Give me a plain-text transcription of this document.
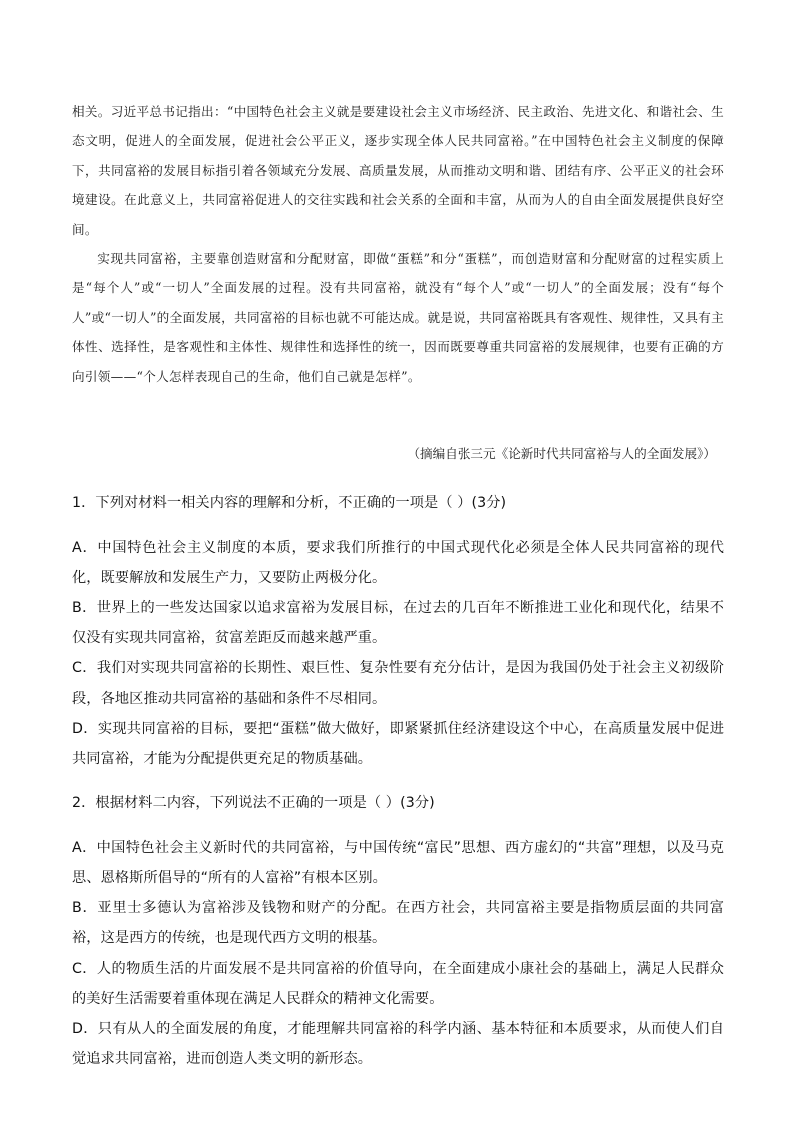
相关。习近平总书记指出：“中国特色社会主义就是要建设社会主义市场经济、民主政治、先进文化、和谐社会、生态文明，促进人的全面发展，促进社会公平正义，逐步实现全体人民共同富裕。”在中国特色社会主义制度的保障下，共同富裕的发展目标指引着各领域充分发展、高质量发展，从而推动文明和谐、团结有序、公平正义的社会环境建设。在此意义上，共同富裕促进人的交往实践和社会关系的全面和丰富，从而为人的自由全面发展提供良好空间。

实现共同富裕，主要靠创造财富和分配财富，即做“蛋糕”和分“蛋糕”，而创造财富和分配财富的过程实质上是“每个人”或“一切人”全面发展的过程。没有共同富裕，就没有“每个人”或“一切人”的全面发展；没有“每个人”或“一切人”的全面发展，共同富裕的目标也就不可能达成。就是说，共同富裕既具有客观性、规律性，又具有主体性、选择性，是客观性和主体性、规律性和选择性的统一，因而既要尊重共同富裕的发展规律，也要有正确的方向引领——“个人怎样表现自己的生命，他们自己就是怎样”。

（摘编自张三元《论新时代共同富裕与人的全面发展》）

1．下列对材料一相关内容的理解和分析，不正确的一项是（ ）(3分)

A．中国特色社会主义制度的本质，要求我们所推行的中国式现代化必须是全体人民共同富裕的现代化，既要解放和发展生产力，又要防止两极分化。

B．世界上的一些发达国家以追求富裕为发展目标，在过去的几百年不断推进工业化和现代化，结果不仅没有实现共同富裕，贫富差距反而越来越严重。

C．我们对实现共同富裕的长期性、艰巨性、复杂性要有充分估计，是因为我国仍处于社会主义初级阶段，各地区推动共同富裕的基础和条件不尽相同。

D．实现共同富裕的目标，要把“蛋糕”做大做好，即紧紧抓住经济建设这个中心，在高质量发展中促进共同富裕，才能为分配提供更充足的物质基础。

2．根据材料二内容，下列说法不正确的一项是（ ）(3分)

A．中国特色社会主义新时代的共同富裕，与中国传统“富民”思想、西方虚幻的“共富”理想，以及马克思、恩格斯所倡导的“所有的人富裕”有根本区别。

B．亚里士多德认为富裕涉及钱物和财产的分配。在西方社会，共同富裕主要是指物质层面的共同富裕，这是西方的传统，也是现代西方文明的根基。

C．人的物质生活的片面发展不是共同富裕的价值导向，在全面建成小康社会的基础上，满足人民群众的美好生活需要着重体现在满足人民群众的精神文化需要。

D．只有从人的全面发展的角度，才能理解共同富裕的科学内涵、基本特征和本质要求，从而使人们自觉追求共同富裕，进而创造人类文明的新形态。
